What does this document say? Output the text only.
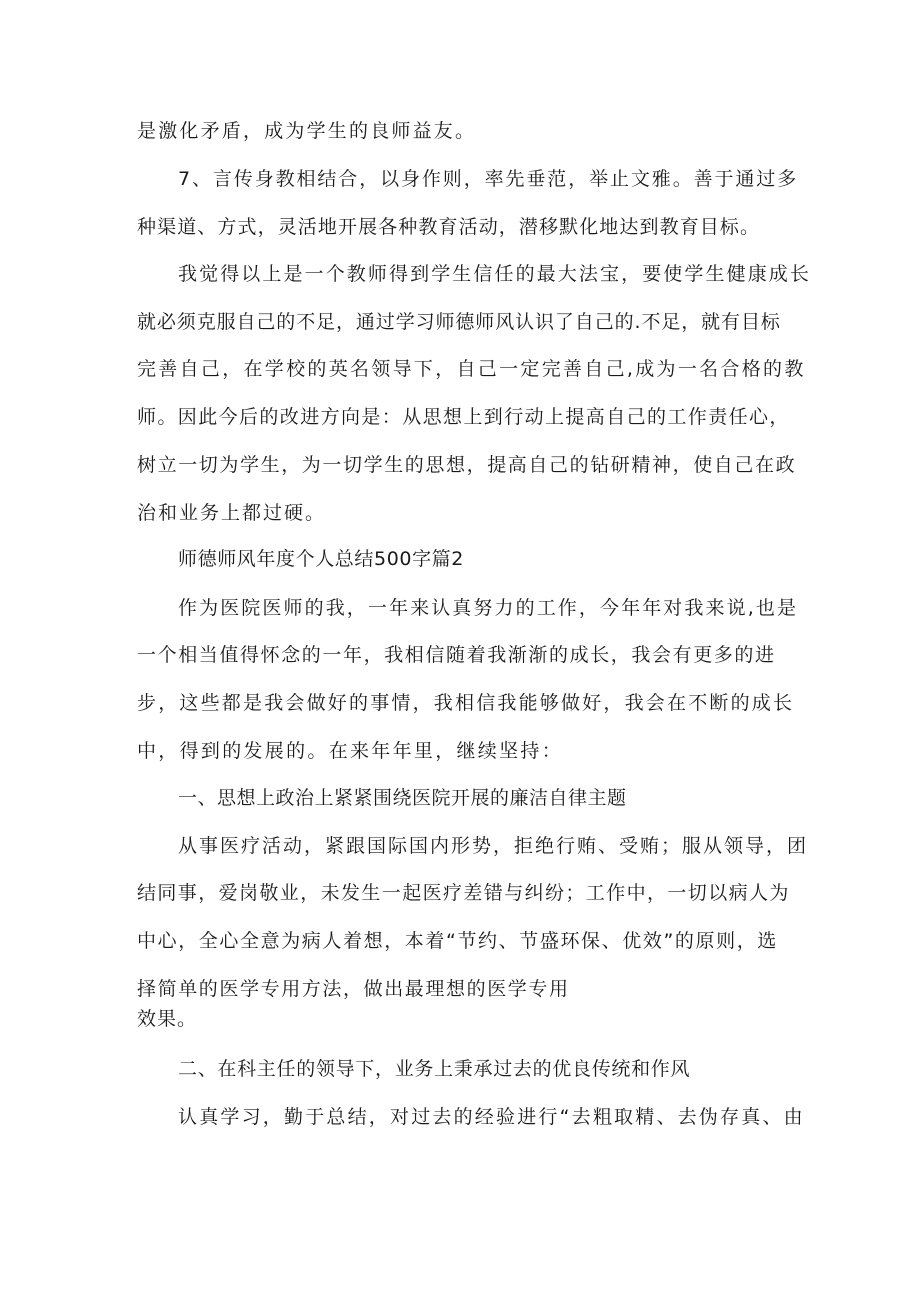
是激化矛盾，成为学生的良师益友。
7、言传身教相结合，以身作则，率先垂范，举止文雅。善于通过多
种渠道、方式，灵活地开展各种教育活动，潜移默化地达到教育目标。
我觉得以上是一个教师得到学生信任的最大法宝，要使学生健康成长
就必须克服自己的不足，通过学习师德师风认识了自己的.不足，就有目标
完善自己，在学校的英名领导下，自己一定完善自己,成为一名合格的教
师。因此今后的改进方向是：从思想上到行动上提高自己的工作责任心，
树立一切为学生，为一切学生的思想，提高自己的钻研精神，使自己在政
治和业务上都过硬。
师德师风年度个人总结500字篇2
作为医院医师的我，一年来认真努力的工作，今年年对我来说,也是
一个相当值得怀念的一年，我相信随着我渐渐的成长，我会有更多的进
步，这些都是我会做好的事情，我相信我能够做好，我会在不断的成长
中，得到的发展的。在来年年里，继续坚持：
一、思想上政治上紧紧围绕医院开展的廉洁自律主题
从事医疗活动，紧跟国际国内形势，拒绝行贿、受贿；服从领导，团
结同事，爱岗敬业，未发生一起医疗差错与纠纷；工作中，一切以病人为
中心，全心全意为病人着想，本着“节约、节盛环保、优效”的原则，选
择简单的医学专用方法，做出最理想的医学专用
效果。
二、在科主任的领导下，业务上秉承过去的优良传统和作风
认真学习，勤于总结，对过去的经验进行“去粗取精、去伪存真、由
